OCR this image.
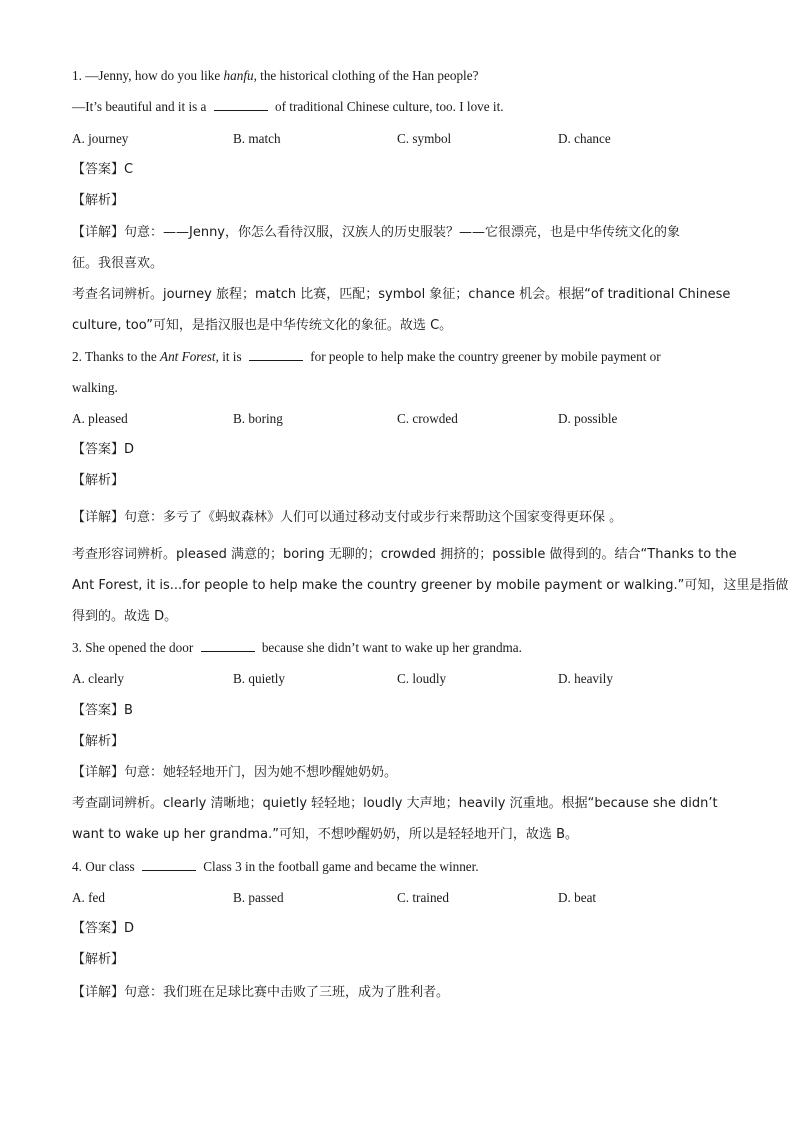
1. —Jenny, how do you like hanfu, the historical clothing of the Han people?
—It’s beautiful and it is a	of traditional Chinese culture, too. I love it.
A. journey	B. match	C. symbol	D. chance
【答案】C
【解析】
【详解】句意：——Jenny，你怎么看待汉服，汉族人的历史服装？——它很漂亮，也是中华传统文化的象
征。我很喜欢。
考查名词辨析。journey 旅程；match 比赛，匹配；symbol 象征；chance 机会。根据“of traditional Chinese
culture, too”可知，是指汉服也是中华传统文化的象征。故选 C。
2. Thanks to the Ant Forest, it is	for people to help make the country greener by mobile payment or
walking.
A. pleased	B. boring	C. crowded	D. possible
【答案】D
【解析】
【详解】句意：多亏了《蚂蚁森林》人们可以通过移动支付或步行来帮助这个国家变得更环保 。
考查形容词辨析。pleased 满意的；boring 无聊的；crowded 拥挤的；possible 做得到的。结合“Thanks to the
Ant Forest, it is...for people to help make the country greener by mobile payment or walking.”可知，这里是指做
得到的。故选 D。
3. She opened the door	because she didn’t want to wake up her grandma.
A. clearly	B. quietly	C. loudly	D. heavily
【答案】B
【解析】
【详解】句意：她轻轻地开门，因为她不想吵醒她奶奶。
考查副词辨析。clearly 清晰地；quietly 轻轻地；loudly 大声地；heavily 沉重地。根据“because she didn’t
want to wake up her grandma.”可知，不想吵醒奶奶，所以是轻轻地开门，故选 B。
4. Our class	Class 3 in the football game and became the winner.
A. fed	B. passed	C. trained	D. beat
【答案】D
【解析】
【详解】句意：我们班在足球比赛中击败了三班，成为了胜利者。
